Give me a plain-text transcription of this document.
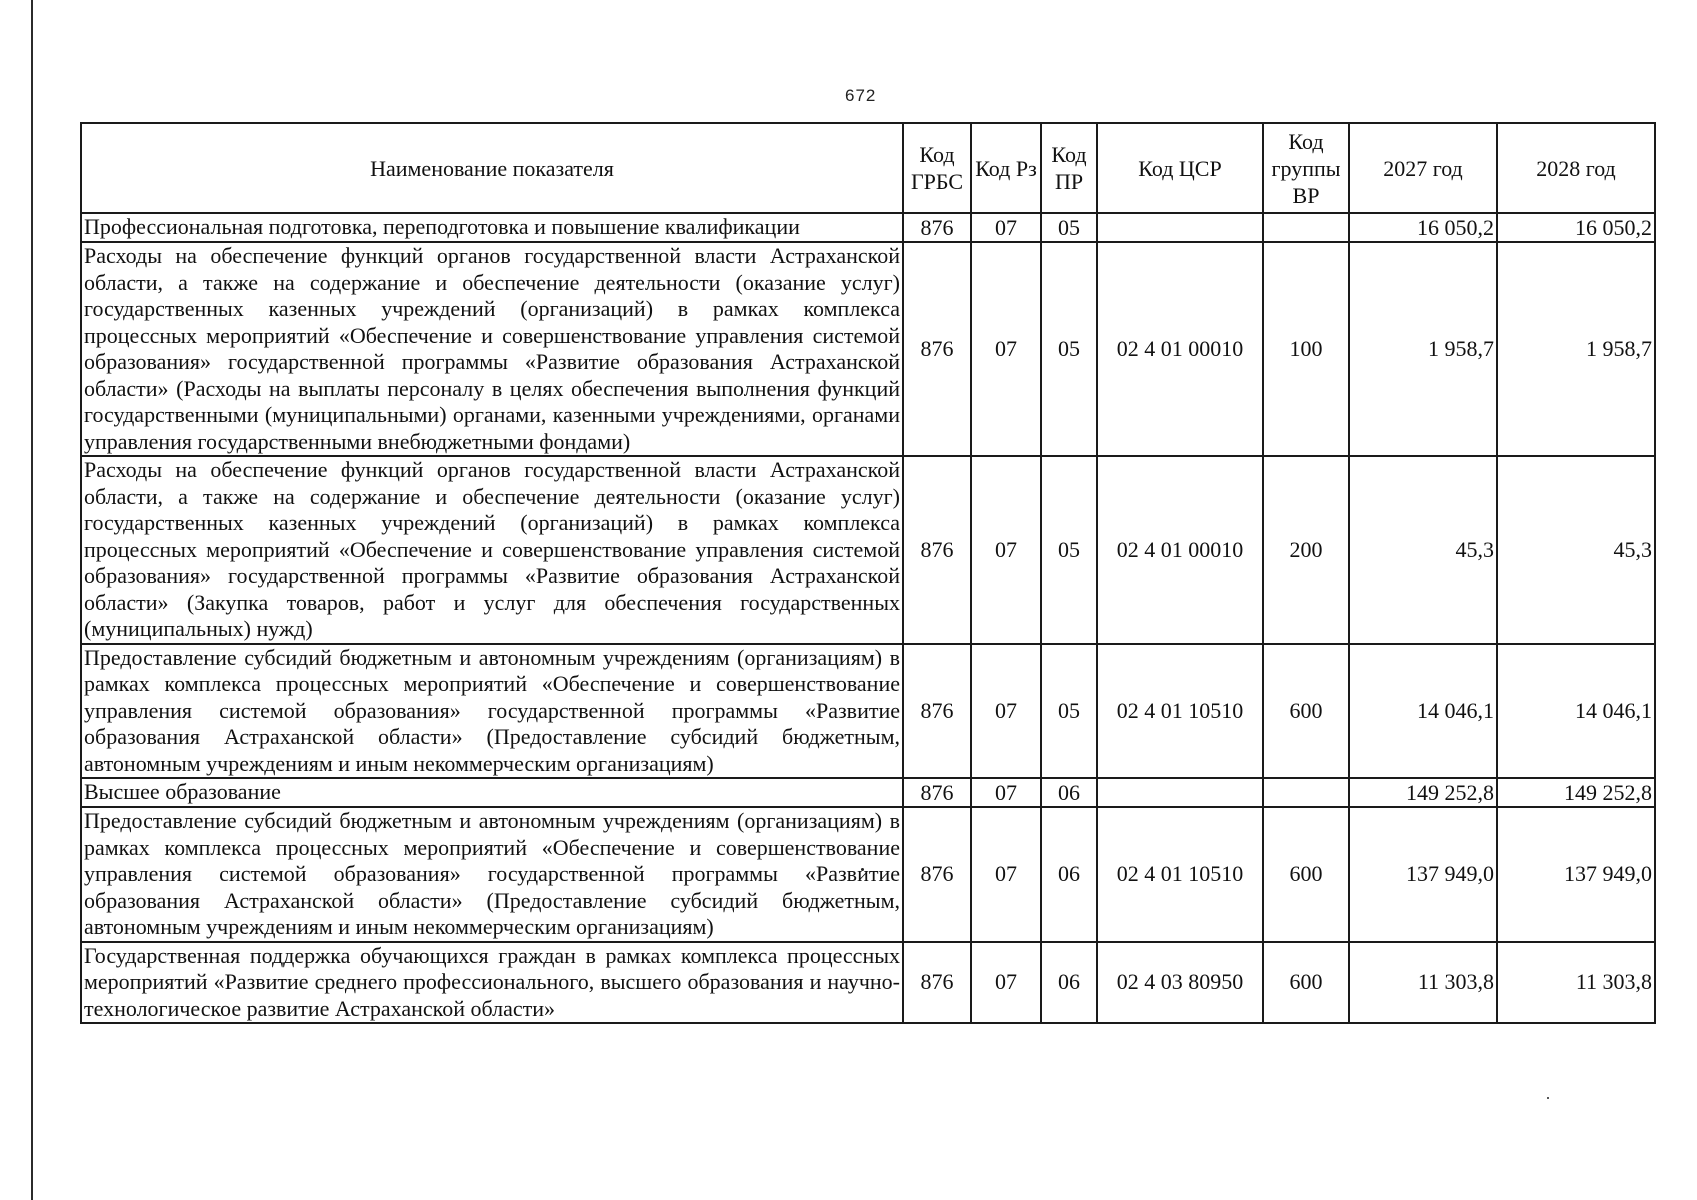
672
Наименование показателя	Код ГРБС	Код Рз	Код ПР	Код ЦСР	Код группы ВР	2027 год	2028 год
Профессиональная подготовка, переподготовка и повышение квалификации	876	07	05			16 050,2	16 050,2
Расходы на обеспечение функций органов государственной власти Астраханской области, а также на содержание и обеспечение деятельности (оказание услуг) государственных казенных учреждений (организаций) в рамках комплекса процессных мероприятий «Обеспечение и совершенствование управления системой образования» государственной программы «Развитие образования Астраханской области» (Расходы на выплаты персоналу в целях обеспечения выполнения функций государственными (муниципальными) органами, казенными учреждениями, органами управления государственными внебюджетными фондами)	876	07	05	02 4 01 00010	100	1 958,7	1 958,7
Расходы на обеспечение функций органов государственной власти Астраханской области, а также на содержание и обеспечение деятельности (оказание услуг) государственных казенных учреждений (организаций) в рамках комплекса процессных мероприятий «Обеспечение и совершенствование управления системой образования» государственной программы «Развитие образования Астраханской области» (Закупка товаров, работ и услуг для обеспечения государственных (муниципальных) нужд)	876	07	05	02 4 01 00010	200	45,3	45,3
Предоставление субсидий бюджетным и автономным учреждениям (организациям) в рамках комплекса процессных мероприятий «Обеспечение и совершенствование управления системой образования» государственной программы «Развитие образования Астраханской области» (Предоставление субсидий бюджетным, автономным учреждениям и иным некоммерческим организациям)	876	07	05	02 4 01 10510	600	14 046,1	14 046,1
Высшее образование	876	07	06			149 252,8	149 252,8
Предоставление субсидий бюджетным и автономным учреждениям (организациям) в рамках комплекса процессных мероприятий «Обеспечение и совершенствование управления системой образования» государственной программы «Развитие образования Астраханской области» (Предоставление субсидий бюджетным, автономным учреждениям и иным некоммерческим организациям)	876	07	06	02 4 01 10510	600	137 949,0	137 949,0
Государственная поддержка обучающихся граждан в рамках комплекса процессных мероприятий «Развитие среднего профессионального, высшего образования и научно-технологическое развитие Астраханской области»	876	07	06	02 4 03 80950	600	11 303,8	11 303,8
